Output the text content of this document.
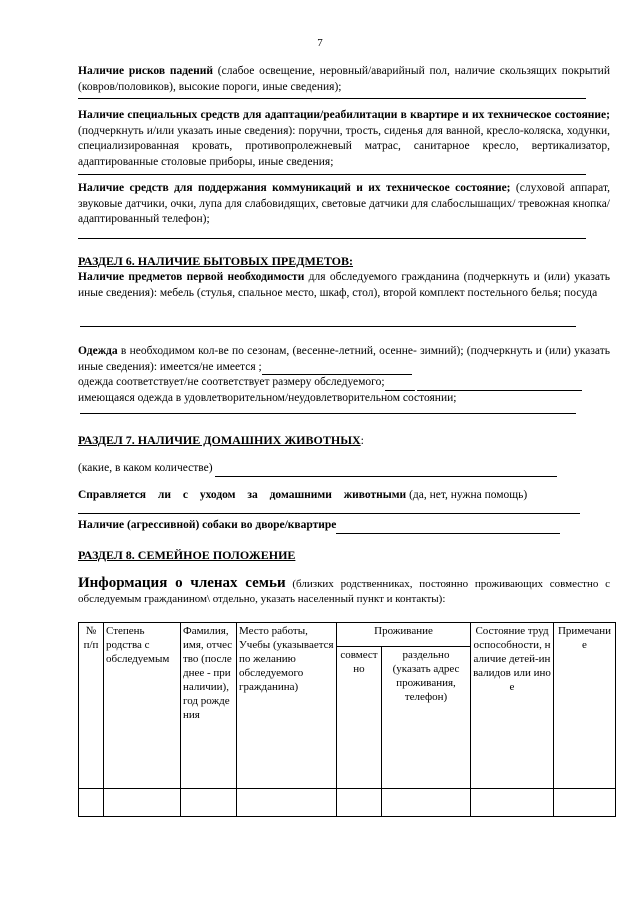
7
Наличие рисков падений (слабое освещение, неровный/аварийный пол, наличие скользящих покрытий (ковров/половиков), высокие пороги, иные сведения);
Наличие специальных средств для адаптации/реабилитации в квартире и их техническое состояние; (подчеркнуть и/или указать иные сведения): поручни, трость, сиденья для ванной, кресло-коляска, ходунки, специализированная кровать, противопролежневый матрас, санитарное кресло, вертикализатор, адаптированные столовые приборы, иные сведения;
Наличие средств для поддержания коммуникаций и их техническое состояние; (слуховой аппарат, звуковые датчики, очки, лупа для слабовидящих, световые датчики для слабослышащих/ тревожная кнопка/ адаптированный телефон);
РАЗДЕЛ 6. НАЛИЧИЕ БЫТОВЫХ ПРЕДМЕТОВ:
Наличие предметов первой необходимости для обследуемого гражданина (подчеркнуть и (или) указать иные сведения): мебель (стулья, спальное место, шкаф, стол), второй комплект постельного белья; посуда
Одежда в необходимом кол-ве по сезонам, (весенне-летний, осенне- зимний); (подчеркнуть и (или) указать иные сведения): имеется/не имеется ;
одежда соответствует/не соответствует размеру обследуемого;
имеющаяся одежда в удовлетворительном/неудовлетворительном состоянии;
РАЗДЕЛ 7. НАЛИЧИЕ ДОМАШНИХ ЖИВОТНЫХ:
(какие, в каком количестве)
Справляется ли с уходом за домашними животными (да, нет, нужна помощь)
Наличие (агрессивной) собаки во дворе/квартире
РАЗДЕЛ 8. СЕМЕЙНОЕ ПОЛОЖЕНИЕ
Информация о членах семьи (близких родственниках, постоянно проживающих совместно с обследуемым гражданином\ отдельно, указать населенный пункт и контакты):
№ п/п	Степень родства с обследуемым	Фамилия, имя, отчество (последнее - при наличии), год рождения	Место работы, Учебы (указывается по желанию обследуемого гражданина)	Проживание		Состояние трудоспособности, наличие детей-инвалидов или иное	Примечание
				совместно	раздельно (указать адрес проживания, телефон)		
